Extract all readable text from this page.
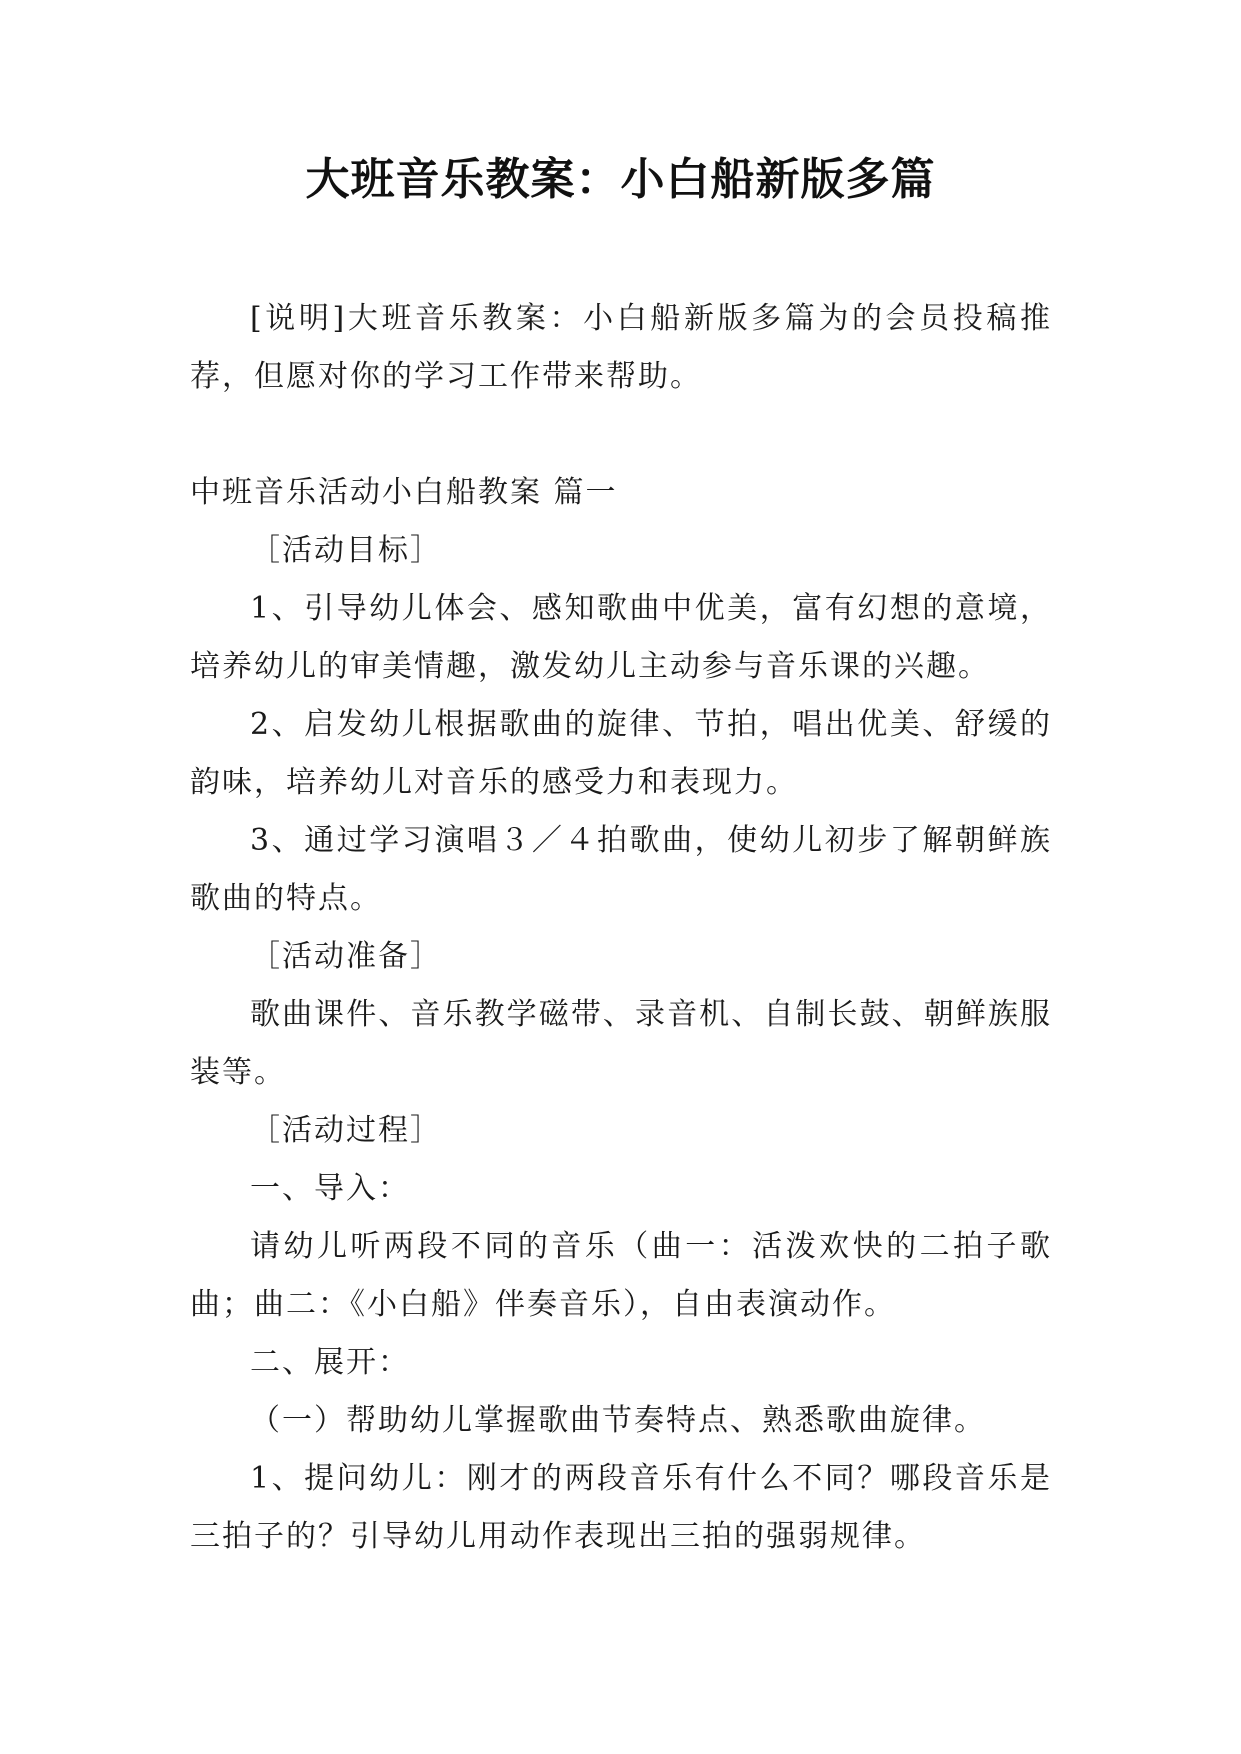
大班音乐教案：小白船新版多篇

[说明]大班音乐教案：小白船新版多篇为的会员投稿推荐，但愿对你的学习工作带来帮助。

中班音乐活动小白船教案 篇一

［活动目标］

1、引导幼儿体会、感知歌曲中优美，富有幻想的意境，培养幼儿的审美情趣，激发幼儿主动参与音乐课的兴趣。

2、启发幼儿根据歌曲的旋律、节拍，唱出优美、舒缓的韵味，培养幼儿对音乐的感受力和表现力。

3、通过学习演唱３／４拍歌曲，使幼儿初步了解朝鲜族歌曲的特点。

［活动准备］

歌曲课件、音乐教学磁带、录音机、自制长鼓、朝鲜族服装等。

［活动过程］

一、导入：

请幼儿听两段不同的音乐（曲一：活泼欢快的二拍子歌曲；曲二：《小白船》伴奏音乐），自由表演动作。

二、展开：

（一）帮助幼儿掌握歌曲节奏特点、熟悉歌曲旋律。

1、提问幼儿：刚才的两段音乐有什么不同？哪段音乐是三拍子的？引导幼儿用动作表现出三拍的强弱规律。
